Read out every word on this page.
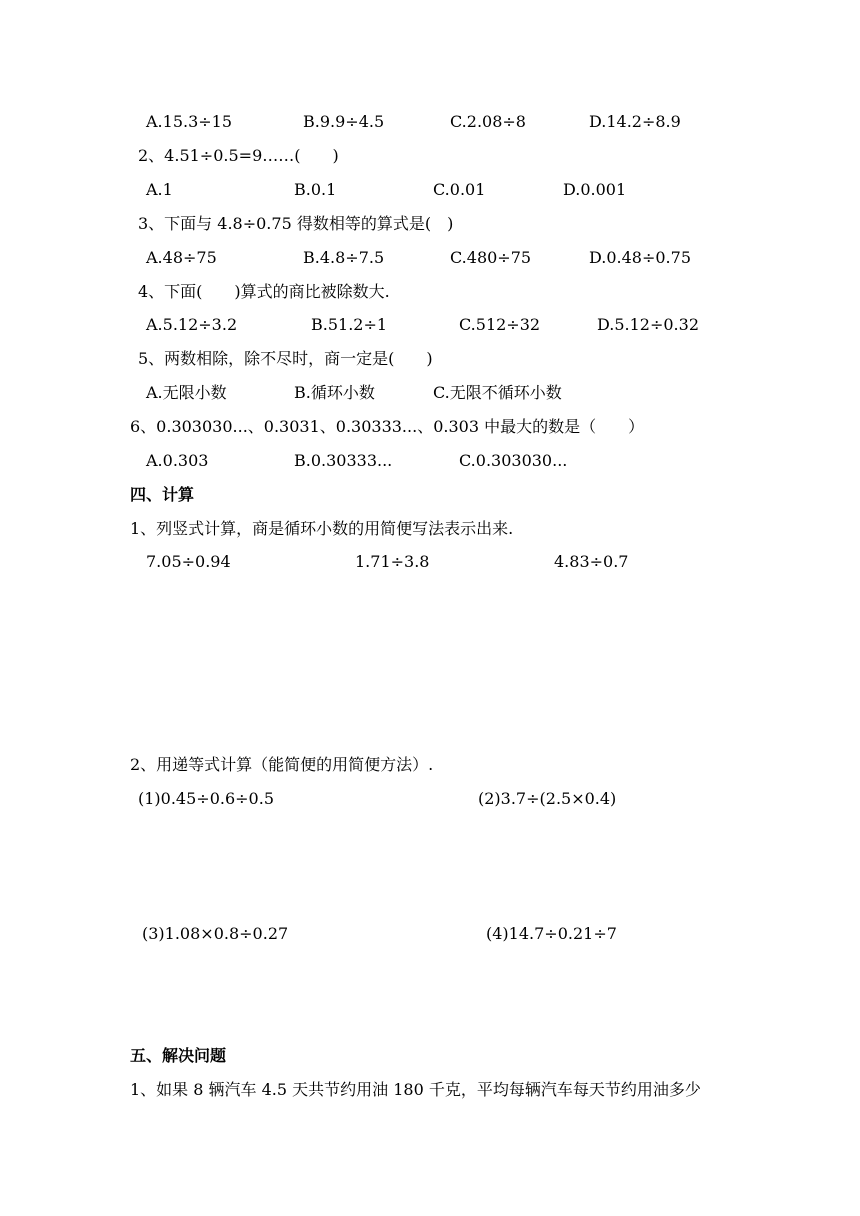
A.15.3÷15	B.9.9÷4.5	C.2.08÷8	D.14.2÷8.9
2、4.51÷0.5=9……(　　)
A.1	B.0.1	C.0.01	D.0.001
3、下面与 4.8÷0.75 得数相等的算式是(　)
A.48÷75	B.4.8÷7.5	C.480÷75	D.0.48÷0.75
4、下面(　　)算式的商比被除数大.
A.5.12÷3.2	B.51.2÷1	C.512÷32	D.5.12÷0.32
5、两数相除，除不尽时，商一定是(　　)
A.无限小数	B.循环小数	C.无限不循环小数
6、0.303030...、0.3031、0.30333...、0.303 中最大的数是（　　）
A.0.303	B.0.30333...	C.0.303030...
四、计算
1、列竖式计算，商是循环小数的用简便写法表示出来.
7.05÷0.94	1.71÷3.8	4.83÷0.7
2、用递等式计算（能简便的用简便方法）.
(1)0.45÷0.6÷0.5	(2)3.7÷(2.5×0.4)
(3)1.08×0.8÷0.27	(4)14.7÷0.21÷7
五、解决问题
1、如果 8 辆汽车 4.5 天共节约用油 180 千克，平均每辆汽车每天节约用油多少
